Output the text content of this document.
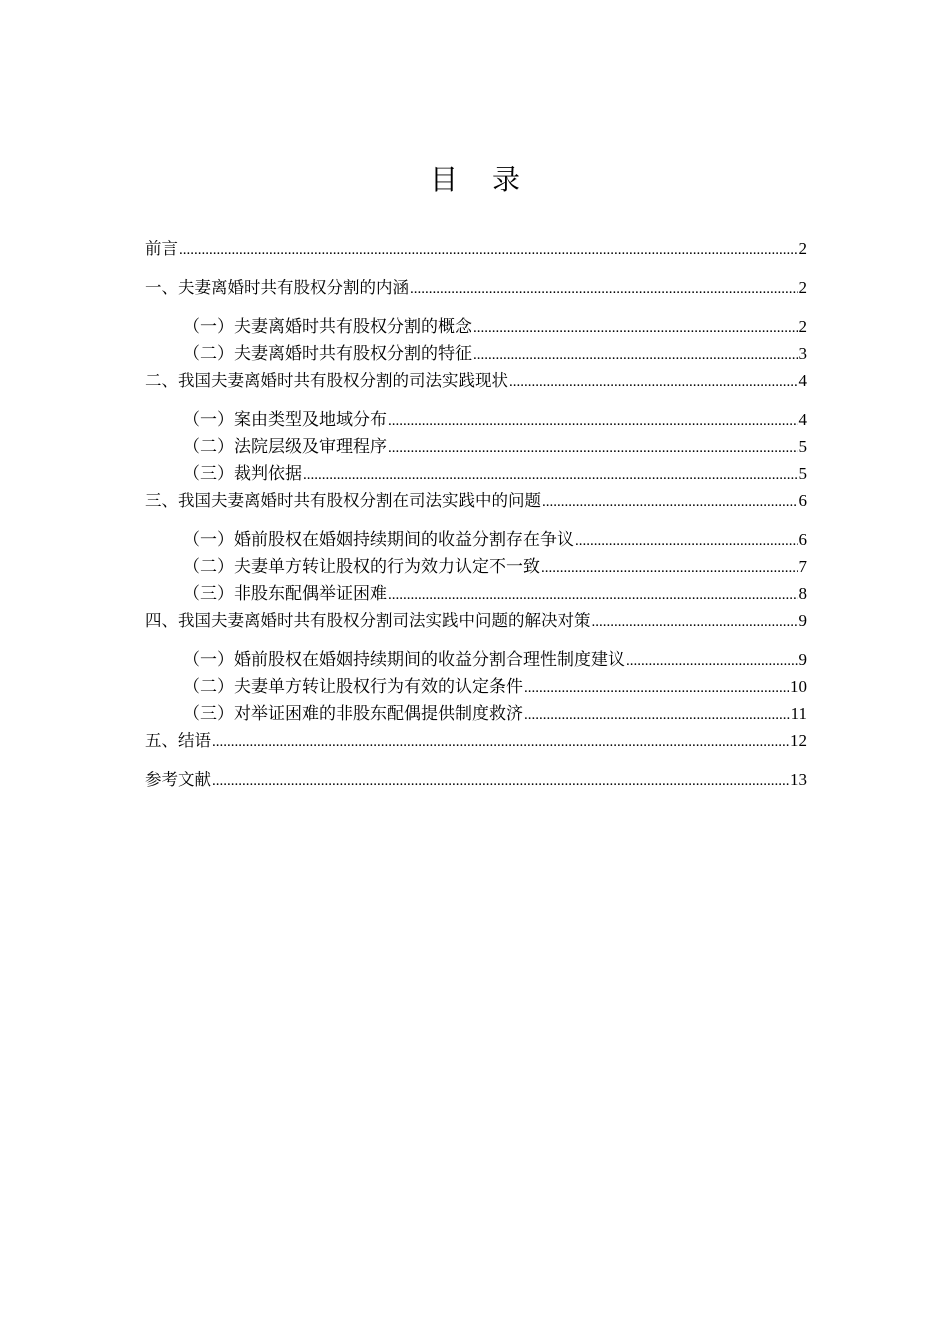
目录
前言 .....	2
一、夫妻离婚时共有股权分割的内涵 .....	2
（一）夫妻离婚时共有股权分割的概念 .....	2
（二）夫妻离婚时共有股权分割的特征 .....	3
二、我国夫妻离婚时共有股权分割的司法实践现状 .....	4
（一）案由类型及地域分布 .....	4
（二）法院层级及审理程序 .....	5
（三）裁判依据 .....	5
三、我国夫妻离婚时共有股权分割在司法实践中的问题 .....	6
（一）婚前股权在婚姻持续期间的收益分割存在争议 .....	6
（二）夫妻单方转让股权的行为效力认定不一致 .....	7
（三）非股东配偶举证困难 .....	8
四、我国夫妻离婚时共有股权分割司法实践中问题的解决对策 .....	9
（一）婚前股权在婚姻持续期间的收益分割合理性制度建议 .....	9
（二）夫妻单方转让股权行为有效的认定条件 .....	10
（三）对举证困难的非股东配偶提供制度救济 .....	11
五、结语 .....	12
参考文献 .....	13
